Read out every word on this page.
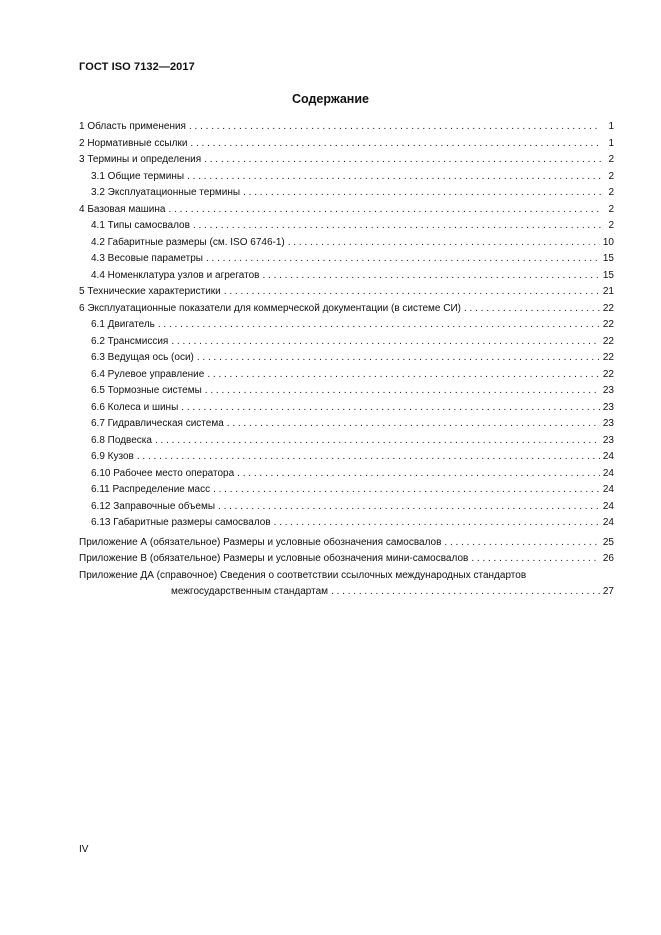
ГОСТ ISO 7132—2017
Содержание
1 Область применения . . .	1
2 Нормативные ссылки . . .	1
3 Термины и определения . . .	2
3.1 Общие термины . . .	2
3.2 Эксплуатационные термины . . .	2
4 Базовая машина . . .	2
4.1 Типы самосвалов . . .	2
4.2 Габаритные размеры (см. ISO 6746-1) . . .	10
4.3 Весовые параметры . . .	15
4.4 Номенклатура узлов и агрегатов . . .	15
5 Технические характеристики . . .	21
6 Эксплуатационные показатели для коммерческой документации (в системе СИ) . . .	22
6.1 Двигатель . . .	22
6.2 Трансмиссия . . .	22
6.3 Ведущая ось (оси) . . .	22
6.4 Рулевое управление . . .	22
6.5 Тормозные системы . . .	23
6.6 Колеса и шины . . .	23
6.7 Гидравлическая система . . .	23
6.8 Подвеска . . .	23
6.9 Кузов . . .	24
6.10 Рабочее место оператора . . .	24
6.11 Распределение масс . . .	24
6.12 Заправочные объемы . . .	24
6.13 Габаритные размеры самосвалов . . .	24
Приложение А (обязательное) Размеры и условные обозначения самосвалов . . .	25
Приложение В (обязательное) Размеры и условные обозначения мини-самосвалов . . .	26
Приложение ДА (справочное) Сведения о соответствии ссылочных международных стандартов
межгосударственным стандартам . . .	27
IV
